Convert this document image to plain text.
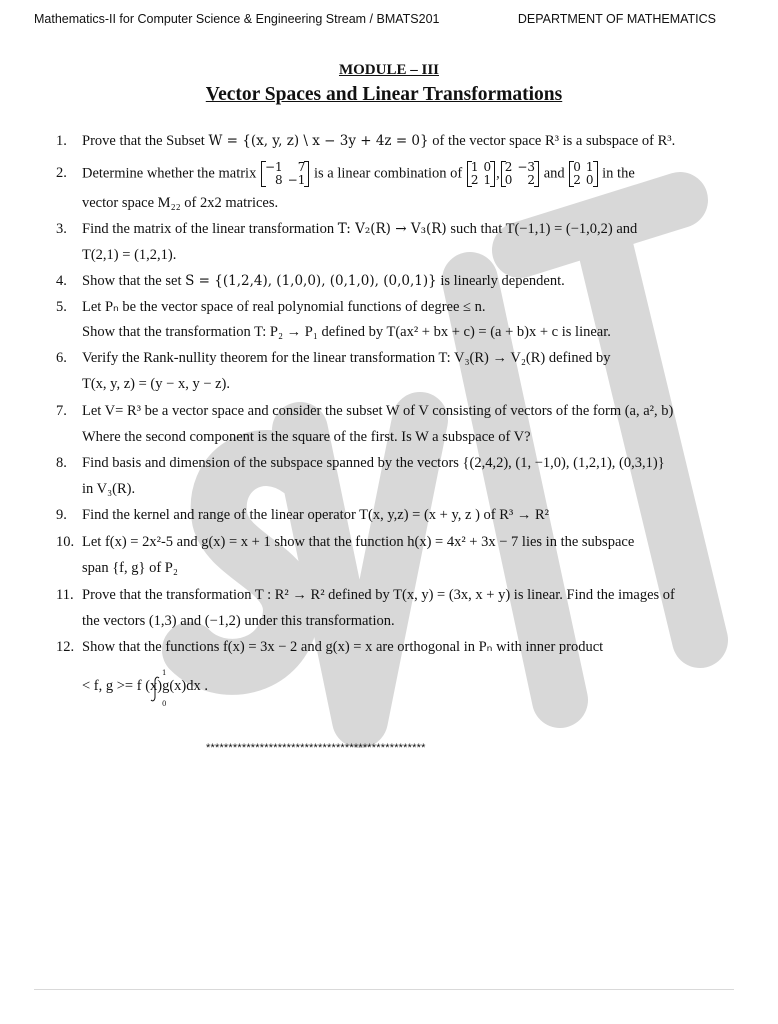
Mathematics-II for Computer Science & Engineering Stream / BMATS201	DEPARTMENT OF MATHEMATICS
MODULE – III
Vector Spaces and Linear Transformations
1. Prove that the Subset W = {(x, y, z) \ x − 3y + 4z = 0} of the vector space R³ is a subspace of R³.
2. Determine whether the matrix −1	7
8 −1 is a linear combination of 1 0
2 1 , 2 −3
0	2 and 0 1
2 0 in the
vector space M₂₂ of 2x2 matrices.
3. Find the matrix of the linear transformation T: V₂(R) → V₃(R) such that T(−1,1) = (−1,0,2) and
T(2,1) = (1,2,1).
4. Show that the set S = {(1,2,4), (1,0,0), (0,1,0), (0,0,1)} is linearly dependent.
5. Let Pₙ be the vector space of real polynomial functions of degree ≤ n.
Show that the transformation T: P₂ → P₁ defined by T(ax² + bx + c) = (a + b)x + c is linear.
6. Verify the Rank-nullity theorem for the linear transformation T: V₃(R) → V₂(R) defined by
T(x, y, z) = (y − x, y − z).
7. Let V= R³ be a vector space and consider the subset W of V consisting of vectors of the form (a, a², b)
Where the second component is the square of the first. Is W a subspace of V?
8. Find basis and dimension of the subspace spanned by the vectors {(2,4,2), (1, −1,0), (1,2,1), (0,3,1)}
in V₃(R).
9. Find the kernel and range of the linear operator T(x, y,z) = (x + y, z ) of R³ → R²
10. Let f(x) = 2x²-5 and g(x) = x + 1 show that the function h(x) = 4x² + 3x − 7 lies in the subspace
span {f, g} of P₂
11. Prove that the transformation T : R² → R² defined by T(x, y) = (3x, x + y) is linear. Find the images of
the vectors (1,3) and (−1,2) under this transformation.
12. Show that the functions f(x) = 3x − 2 and g(x) = x are orthogonal in Pₙ with inner product
< f, g >= f (x)g(x)dx .
1
0
*************************************************
